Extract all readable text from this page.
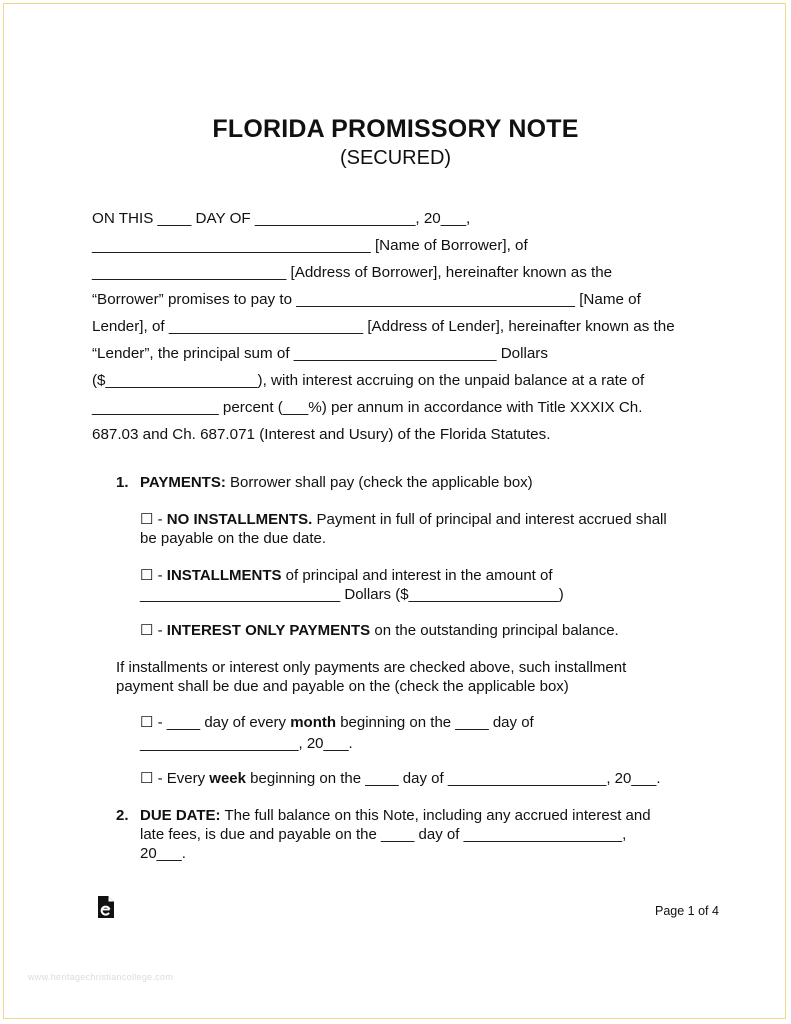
FLORIDA PROMISSORY NOTE
(SECURED)

ON THIS ____ DAY OF ___________________, 20___,

_________________________________ [Name of Borrower], of

_______________________ [Address of Borrower], hereinafter known as the

“Borrower” promises to pay to _________________________________ [Name of

Lender], of _______________________ [Address of Lender], hereinafter known as the

“Lender”, the principal sum of ________________________ Dollars

($__________________), with interest accruing on the unpaid balance at a rate of

_______________ percent (___%) per annum in accordance with Title XXXIX Ch.

687.03 and Ch. 687.071 (Interest and Usury) of the Florida Statutes.

1. PAYMENTS: Borrower shall pay (check the applicable box)
☐ - NO INSTALLMENTS. Payment in full of principal and interest accrued shall
be payable on the due date.
☐ - INSTALLMENTS of principal and interest in the amount of
________________________ Dollars ($__________________)
☐ - INTEREST ONLY PAYMENTS on the outstanding principal balance.
If installments or interest only payments are checked above, such installment
payment shall be due and payable on the (check the applicable box)
☐ - ____ day of every month beginning on the ____ day of
___________________, 20___.
☐ - Every week beginning on the ____ day of ___________________, 20___.
2. DUE DATE: The full balance on this Note, including any accrued interest and
late fees, is due and payable on the ____ day of ___________________,
20___.
Page 1 of 4
www.heritagechristiancollege.com
